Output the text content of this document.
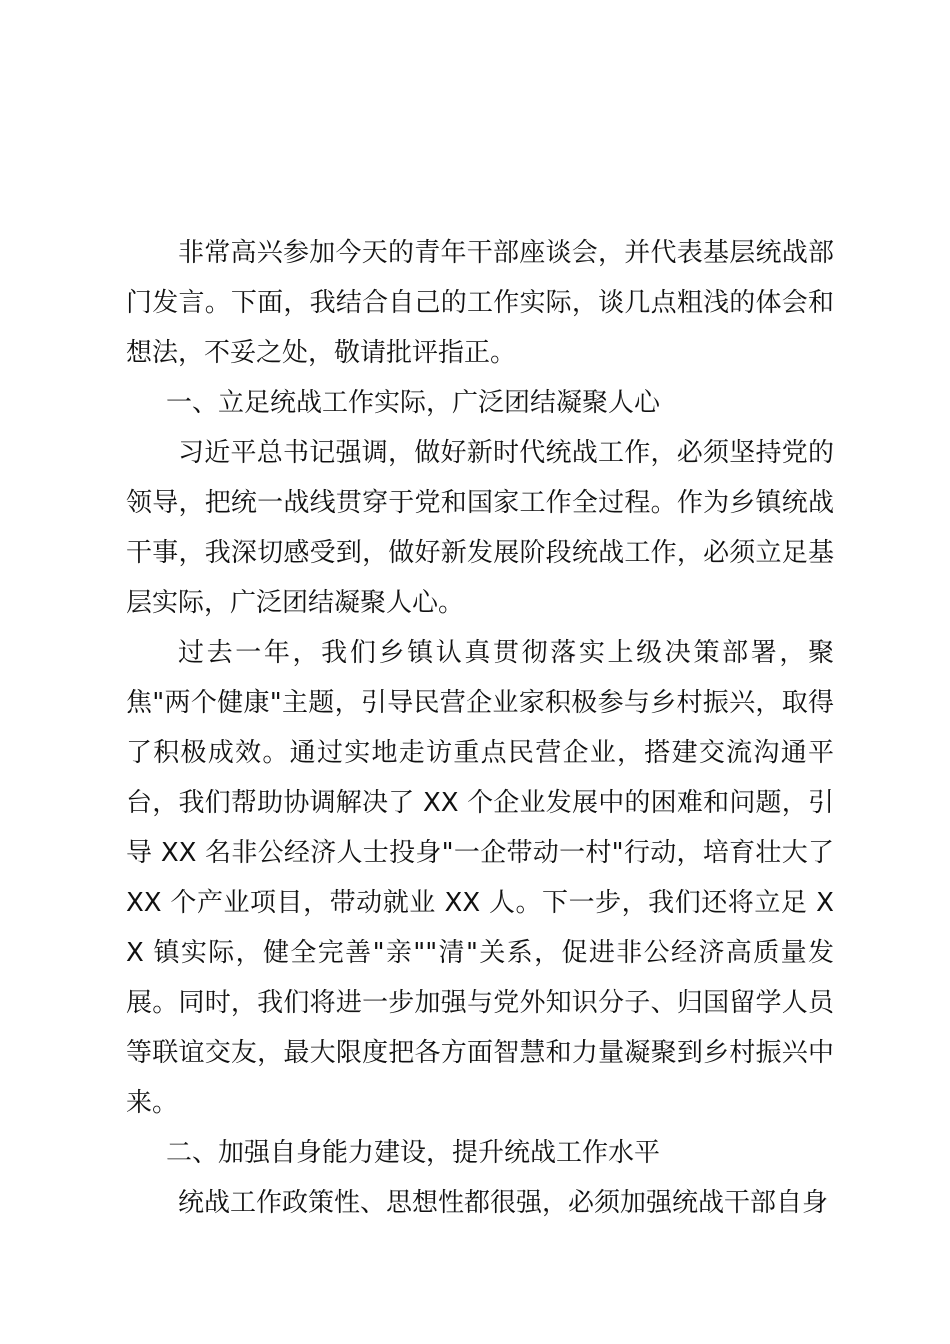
非常高兴参加今天的青年干部座谈会，并代表基层统战部门发言。下面，我结合自己的工作实际，谈几点粗浅的体会和想法，不妥之处，敬请批评指正。

一、立足统战工作实际，广泛团结凝聚人心

习近平总书记强调，做好新时代统战工作，必须坚持党的领导，把统一战线贯穿于党和国家工作全过程。作为乡镇统战干事，我深切感受到，做好新发展阶段统战工作，必须立足基层实际，广泛团结凝聚人心。

过去一年，我们乡镇认真贯彻落实上级决策部署，聚焦"两个健康"主题，引导民营企业家积极参与乡村振兴，取得了积极成效。通过实地走访重点民营企业，搭建交流沟通平台，我们帮助协调解决了 XX 个企业发展中的困难和问题，引导 XX 名非公经济人士投身"一企带动一村"行动，培育壮大了 XX 个产业项目，带动就业 XX 人。下一步，我们还将立足 XX 镇实际，健全完善"亲""清"关系，促进非公经济高质量发展。同时，我们将进一步加强与党外知识分子、归国留学人员等联谊交友，最大限度把各方面智慧和力量凝聚到乡村振兴中来。

二、加强自身能力建设，提升统战工作水平

统战工作政策性、思想性都很强，必须加强统战干部自身
